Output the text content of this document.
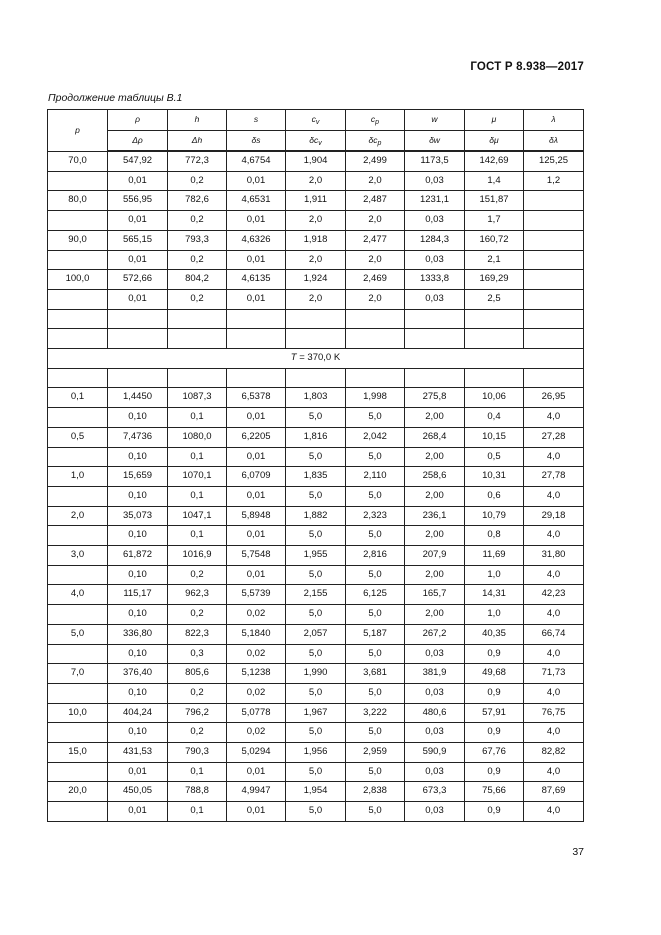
ГОСТ Р 8.938—2017
Продолжение таблицы В.1
p	ρ	h	s	$c_v$	$c_p$	w	μ	λ
	Δρ	Δh	δs	$\delta c_v$	$\delta c_p$	δw	δμ	δλ
70,0	547,92	772,3	4,6754	1,904	2,499	1173,5	142,69	125,25
	0,01	0,2	0,01	2,0	2,0	0,03	1,4	1,2
80,0	556,95	782,6	4,6531	1,911	2,487	1231,1	151,87	
	0,01	0,2	0,01	2,0	2,0	0,03	1,7	
90,0	565,15	793,3	4,6326	1,918	2,477	1284,3	160,72	
	0,01	0,2	0,01	2,0	2,0	0,03	2,1	
100,0	572,66	804,2	4,6135	1,924	2,469	1333,8	169,29	
	0,01	0,2	0,01	2,0	2,0	0,03	2,5	

T = 370,0 K								

0,1	1,4450	1087,3	6,5378	1,803	1,998	275,8	10,06	26,95
	0,10	0,1	0,01	5,0	5,0	2,00	0,4	4,0
0,5	7,4736	1080,0	6,2205	1,816	2,042	268,4	10,15	27,28
	0,10	0,1	0,01	5,0	5,0	2,00	0,5	4,0
1,0	15,659	1070,1	6,0709	1,835	2,110	258,6	10,31	27,78
	0,10	0,1	0,01	5,0	5,0	2,00	0,6	4,0
2,0	35,073	1047,1	5,8948	1,882	2,323	236,1	10,79	29,18
	0,10	0,1	0,01	5,0	5,0	2,00	0,8	4,0
3,0	61,872	1016,9	5,7548	1,955	2,816	207,9	11,69	31,80
	0,10	0,2	0,01	5,0	5,0	2,00	1,0	4,0
4,0	115,17	962,3	5,5739	2,155	6,125	165,7	14,31	42,23
	0,10	0,2	0,02	5,0	5,0	2,00	1,0	4,0
5,0	336,80	822,3	5,1840	2,057	5,187	267,2	40,35	66,74
	0,10	0,3	0,02	5,0	5,0	0,03	0,9	4,0
7,0	376,40	805,6	5,1238	1,990	3,681	381,9	49,68	71,73
	0,10	0,2	0,02	5,0	5,0	0,03	0,9	4,0
10,0	404,24	796,2	5,0778	1,967	3,222	480,6	57,91	76,75
	0,10	0,2	0,02	5,0	5,0	0,03	0,9	4,0
15,0	431,53	790,3	5,0294	1,956	2,959	590,9	67,76	82,82
	0,01	0,1	0,01	5,0	5,0	0,03	0,9	4,0
20,0	450,05	788,8	4,9947	1,954	2,838	673,3	75,66	87,69
	0,01	0,1	0,01	5,0	5,0	0,03	0,9	4,0
37
